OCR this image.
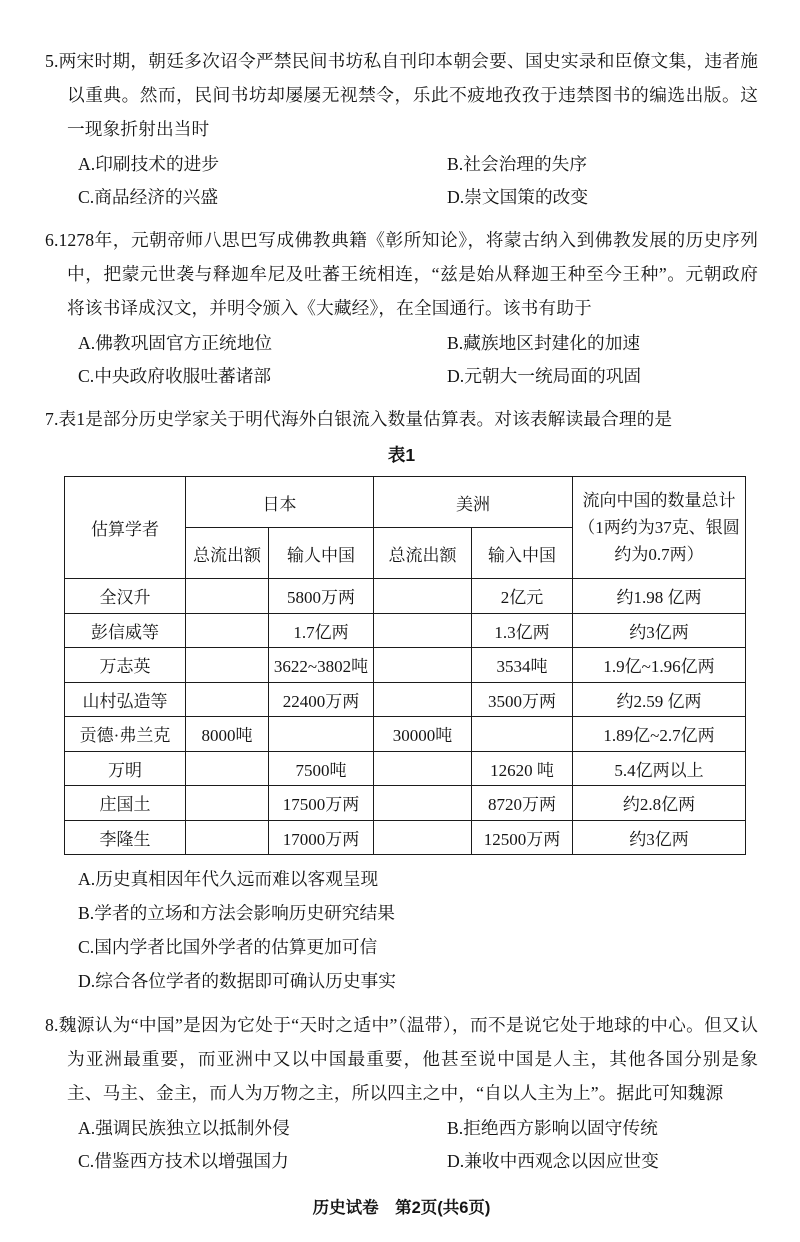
5.两宋时期，朝廷多次诏令严禁民间书坊私自刊印本朝会要、国史实录和臣僚文集，违者施以重典。然而，民间书坊却屡屡无视禁令，乐此不疲地孜孜于违禁图书的编选出版。这一现象折射出当时

A.印刷技术的进步	B.社会治理的失序
C.商品经济的兴盛	D.崇文国策的改变

6.1278年，元朝帝师八思巴写成佛教典籍《彰所知论》，将蒙古纳入到佛教发展的历史序列中，把蒙元世袭与释迦牟尼及吐蕃王统相连，“兹是始从释迦王种至今王种”。元朝政府将该书译成汉文，并明令颁入《大藏经》，在全国通行。该书有助于

A.佛教巩固官方正统地位	B.藏族地区封建化的加速
C.中央政府收服吐蕃诸部	D.元朝大一统局面的巩固

7.表1是部分历史学家关于明代海外白银流入数量估算表。对该表解读最合理的是

表1
估算学者	日本		美洲		流向中国的数量总计（1两约为37克、银圆约为0.7两）
	总流出额	输人中国	总流出额	输入中国	
全汉升		5800万两		2亿元	约1.98 亿两
彭信威等		1.7亿两		1.3亿两	约3亿两
万志英		3622~3802吨		3534吨	1.9亿~1.96亿两
山村弘造等		22400万两		3500万两	约2.59 亿两
贡德·弗兰克	8000吨		30000吨		1.89亿~2.7亿两
万明		7500吨		12620 吨	5.4亿两以上
庄国土		17500万两		8720万两	约2.8亿两
李隆生		17000万两		12500万两	约3亿两
A.历史真相因年代久远而难以客观呈现
B.学者的立场和方法会影响历史研究结果
C.国内学者比国外学者的估算更加可信
D.综合各位学者的数据即可确认历史事实

8.魏源认为“中国”是因为它处于“天时之适中”（温带），而不是说它处于地球的中心。但又认为亚洲最重要，而亚洲中又以中国最重要，他甚至说中国是人主，其他各国分别是象主、马主、金主，而人为万物之主，所以四主之中，“自以人主为上”。据此可知魏源

A.强调民族独立以抵制外侵	B.拒绝西方影响以固守传统
C.借鉴西方技术以增强国力	D.兼收中西观念以因应世变
历史试卷　第2页(共6页)
